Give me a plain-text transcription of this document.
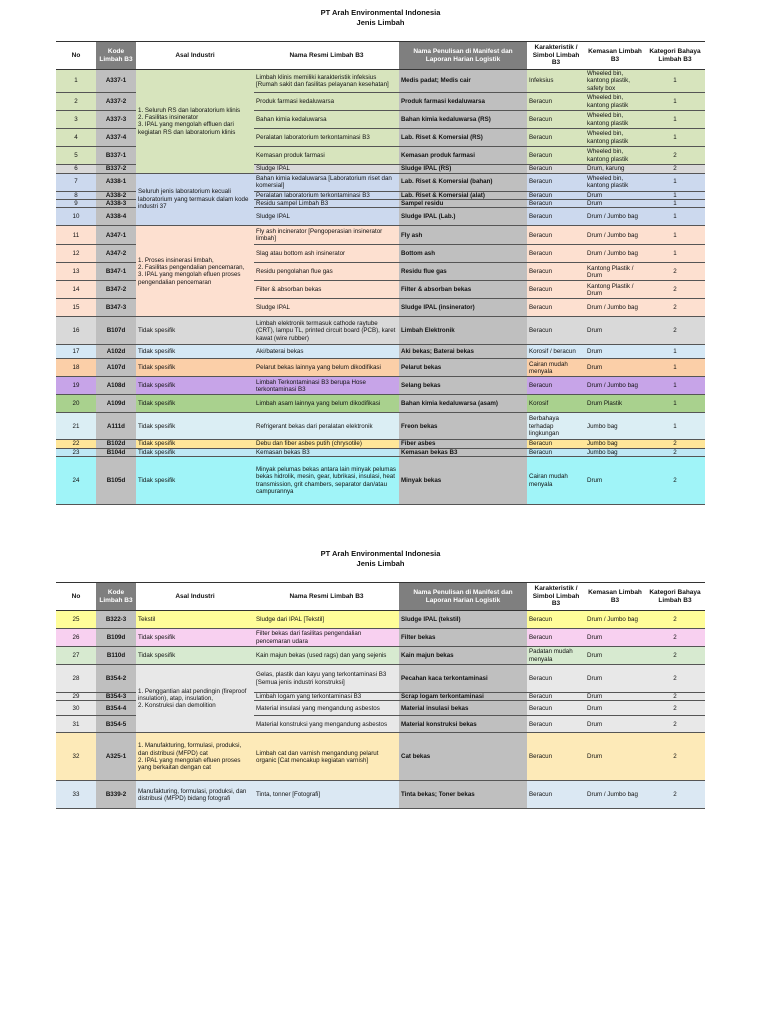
PT Arah Environmental Indonesia
Jenis Limbah
No	Kode Limbah B3	Asal Industri	Nama Resmi Limbah B3	Nama Penulisan di Manifest dan Laporan Harian Logistik	Karakteristik / Simbol Limbah B3	Kemasan Limbah B3	Kategori Bahaya Limbah B3
1	A337-1	1. Seluruh RS dan laboratorium klinis
2. Fasilitas insinerator
3. IPAL yang mengolah effluen dari kegiatan RS dan laboratorium klinis	Limbah klinis memiliki karakteristik infeksius [Rumah sakit dan fasilitas pelayanan kesehatan]	Medis padat; Medis cair	Infeksius	Wheeled bin, kantong plastik, safety box	1
2	A337-2		Produk farmasi kedaluwarsa	Produk farmasi kedaluwarsa	Beracun	Wheeled bin, kantong plastik	1
3	A337-3		Bahan kimia kedaluwarsa	Bahan kimia kedaluwarsa (RS)	Beracun	Wheeled bin, kantong plastik	1
4	A337-4		Peralatan laboratorium terkontaminasi B3	Lab. Riset & Komersial (RS)	Beracun	Wheeled bin, kantong plastik	1
5	B337-1		Kemasan produk farmasi	Kemasan produk farmasi	Beracun	Wheeled bin, kantong plastik	2
6	B337-2		Sludge IPAL	Sludge IPAL (RS)	Beracun	Drum, karung	2
7	A338-1	Seluruh jenis laboratorium kecuali laboratorium yang termasuk dalam kode industri 37	Bahan kimia kedaluwarsa [Laboratorium riset dan komersial]	Lab. Riset & Komersial (bahan)	Beracun	Wheeled bin, kantong plastik	1
8	A338-2		Peralatan laboratorium terkontaminasi B3	Lab. Riset & Komersial (alat)	Beracun	Drum	1
9	A338-3		Residu sampel Limbah B3	Sampel residu	Beracun	Drum	1
10	A338-4		Sludge IPAL	Sludge IPAL (Lab.)	Beracun	Drum / Jumbo bag	1
11	A347-1	1. Proses insinerasi limbah,
2. Fasilitas pengendalian pencemaran,
3. IPAL yang mengolah efluen proses pengendalian pencemaran	Fly ash incinerator [Pengoperasian insinerator limbah]	Fly ash	Beracun	Drum / Jumbo bag	1
12	A347-2		Slag atau bottom ash insinerator	Bottom ash	Beracun	Drum / Jumbo bag	1
13	B347-1		Residu pengolahan flue gas	Residu flue gas	Beracun	Kantong Plastik / Drum	2
14	B347-2		Filter & absorban bekas	Filter & absorban bekas	Beracun	Kantong Plastik / Drum	2
15	B347-3		Sludge IPAL	Sludge IPAL (insinerator)	Beracun	Drum / Jumbo bag	2
16	B107d	Tidak spesifik	Limbah elektronik termasuk cathode raytube (CRT), lampu TL, printed circuit board (PCB), karet kawat (wire rubber)	Limbah Elektronik	Beracun	Drum	2
17	A102d	Tidak spesifik	Aki/baterai bekas	Aki bekas; Baterai bekas	Korosif / beracun	Drum	1
18	A107d	Tidak spesifik	Pelarut bekas lainnya yang belum dikodifikasi	Pelarut bekas	Cairan mudah menyala	Drum	1
19	A108d	Tidak spesifik	Limbah Terkontaminasi B3 berupa Hose terkontaminasi B3	Selang bekas	Beracun	Drum / Jumbo bag	1
20	A109d	Tidak spesifik	Limbah asam lainnya yang belum dikodifikasi	Bahan kimia kedaluwarsa (asam)	Korosif	Drum Plastik	1
21	A111d	Tidak spesifik	Refrigerant bekas dari peralatan elektronik	Freon bekas	Berbahaya terhadap lingkungan	Jumbo bag	1
22	B102d	Tidak spesifik	Debu dan fiber asbes putih (chrysotile)	Fiber asbes	Beracun	Jumbo bag	2
23	B104d	Tidak spesifik	Kemasan bekas B3	Kemasan bekas B3	Beracun	Jumbo bag	2
24	B105d	Tidak spesifik	Minyak pelumas bekas antara lain minyak pelumas bekas hidrolik, mesin, gear, lubrikasi, insulasi, heat transmission, grit chambers, separator dan/atau campurannya	Minyak bekas	Cairan mudah menyala	Drum	2
PT Arah Environmental Indonesia
Jenis Limbah
No	Kode Limbah B3	Asal Industri	Nama Resmi Limbah B3	Nama Penulisan di Manifest dan Laporan Harian Logistik	Karakteristik / Simbol Limbah B3	Kemasan Limbah B3	Kategori Bahaya Limbah B3
25	B322-3	Tekstil	Sludge dari IPAL [Tekstil]	Sludge IPAL (tekstil)	Beracun	Drum / Jumbo bag	2
26	B109d	Tidak spesifik	Filter bekas dari fasilitas pengendalian pencemaran udara	Filter bekas	Beracun	Drum	2
27	B110d	Tidak spesifik	Kain majun bekas (used rags) dan yang sejenis	Kain majun bekas	Padatan mudah menyala	Drum	2
28	B354-2	1. Penggantian alat pendingin (fireproof insulation), atap, insulation,
2. Konstruksi dan demolition	Gelas, plastik dan kayu yang terkontaminasi B3 [Semua jenis industri konstruksi]	Pecahan kaca terkontaminasi	Beracun	Drum	2
29	B354-3		Limbah logam yang terkontaminasi B3	Scrap logam terkontaminasi	Beracun	Drum	2
30	B354-4		Material insulasi yang mengandung asbestos	Material insulasi bekas	Beracun	Drum	2
31	B354-5		Material konstruksi yang mengandung asbestos	Material konstruksi bekas	Beracun	Drum	2
32	A325-1	1. Manufakturing, formulasi, produksi, dan distribusi (MFPD) cat
2. IPAL yang mengolah efluen proses yang berkaitan dengan cat	Limbah cat dan varnish mengandung pelarut organic [Cat mencakup kegiatan varnish]	Cat bekas	Beracun	Drum	2
33	B339-2	Manufakturing, formulasi, produksi, dan distribusi (MFPD) bidang fotografi	Tinta, tonner [Fotografi]	Tinta bekas; Toner bekas	Beracun	Drum / Jumbo bag	2
